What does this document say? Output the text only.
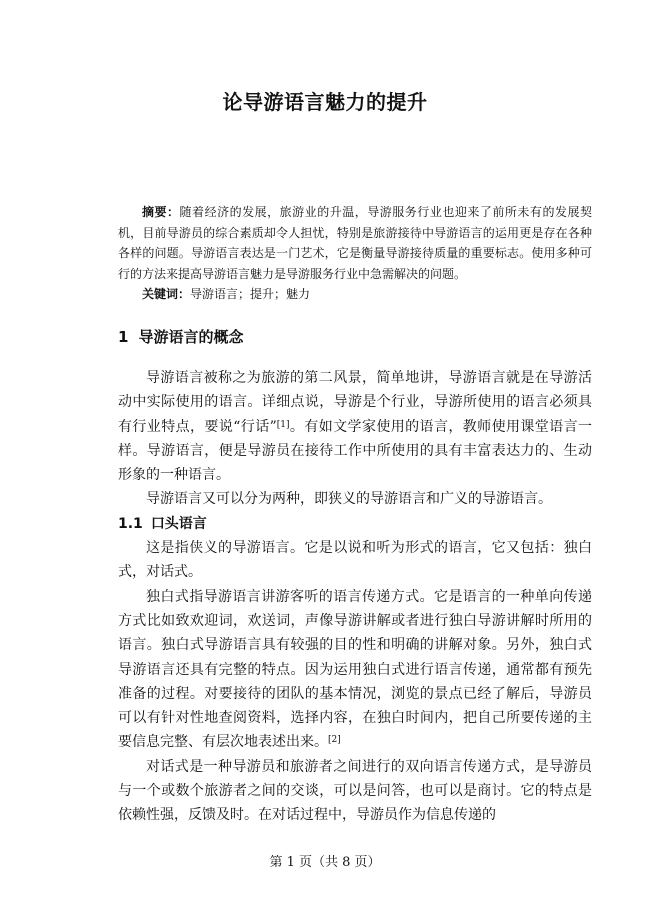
论导游语言魅力的提升

摘要：随着经济的发展，旅游业的升温，导游服务行业也迎来了前所未有的发展契机，目前导游员的综合素质却令人担忧，特别是旅游接待中导游语言的运用更是存在各种各样的问题。导游语言表达是一门艺术，它是衡量导游接待质量的重要标志。使用多种可行的方法来提高导游语言魅力是导游服务行业中急需解决的问题。

关键词：导游语言；提升；魅力

1 导游语言的概念

导游语言被称之为旅游的第二风景，简单地讲，导游语言就是在导游活动中实际使用的语言。详细点说，导游是个行业，导游所使用的语言必须具有行业特点，要说“行话”[1]。有如文学家使用的语言，教师使用课堂语言一样。导游语言，便是导游员在接待工作中所使用的具有丰富表达力的、生动形象的一种语言。

导游语言又可以分为两种，即狭义的导游语言和广义的导游语言。

1.1 口头语言

这是指侠义的导游语言。它是以说和听为形式的语言，它又包括：独白式，对话式。

独白式指导游语言讲游客听的语言传递方式。它是语言的一种单向传递方式比如致欢迎词，欢送词，声像导游讲解或者进行独白导游讲解时所用的语言。独白式导游语言具有较强的目的性和明确的讲解对象。另外，独白式导游语言还具有完整的特点。因为运用独白式进行语言传递，通常都有预先准备的过程。对要接待的团队的基本情况，浏览的景点已经了解后，导游员可以有针对性地查阅资料，选择内容，在独白时间内，把自己所要传递的主要信息完整、有层次地表述出来。[2]

对话式是一种导游员和旅游者之间进行的双向语言传递方式，是导游员与一个或数个旅游者之间的交谈，可以是问答，也可以是商讨。它的特点是依赖性强，反馈及时。在对话过程中，导游员作为信息传递的

第 1 页（共 8 页）
